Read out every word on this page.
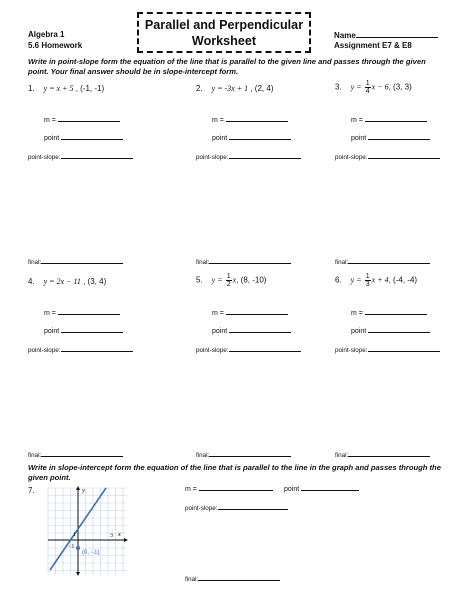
Algebra 1
5.6 Homework
Parallel and Perpendicular
Worksheet	Name
Assignment E7 & E8
Write in point-slope form the equation of the line that is parallel to the given line and passes through the given point. Your final answer should be in slope-intercept form.
1. y = x + 5 , (-1, -1)
m =
point
point-slope:
final:
2. y = -3x + 1 , (2, 4)
m =
point
point-slope:
final:
3. $y = \frac{1}{4}$ x − 6, (3, 3)
m =
point
point-slope:
final:
4. y = 2x − 11 , (3, 4)
m =
point
point-slope:
final:
5. $y = \frac{1}{2} x$, (8, -10)
m =
point
point-slope:
final:
6. $y = \frac{1}{3}$ x + 4, (-4, -4)
m =
point
point-slope:
final:
Write in slope-intercept form the equation of the line that is parallel to the line in the graph and passes through the given point.
7.	y
x
3
1
−1
(0, −1)
m =	point
point-slope:
final:
